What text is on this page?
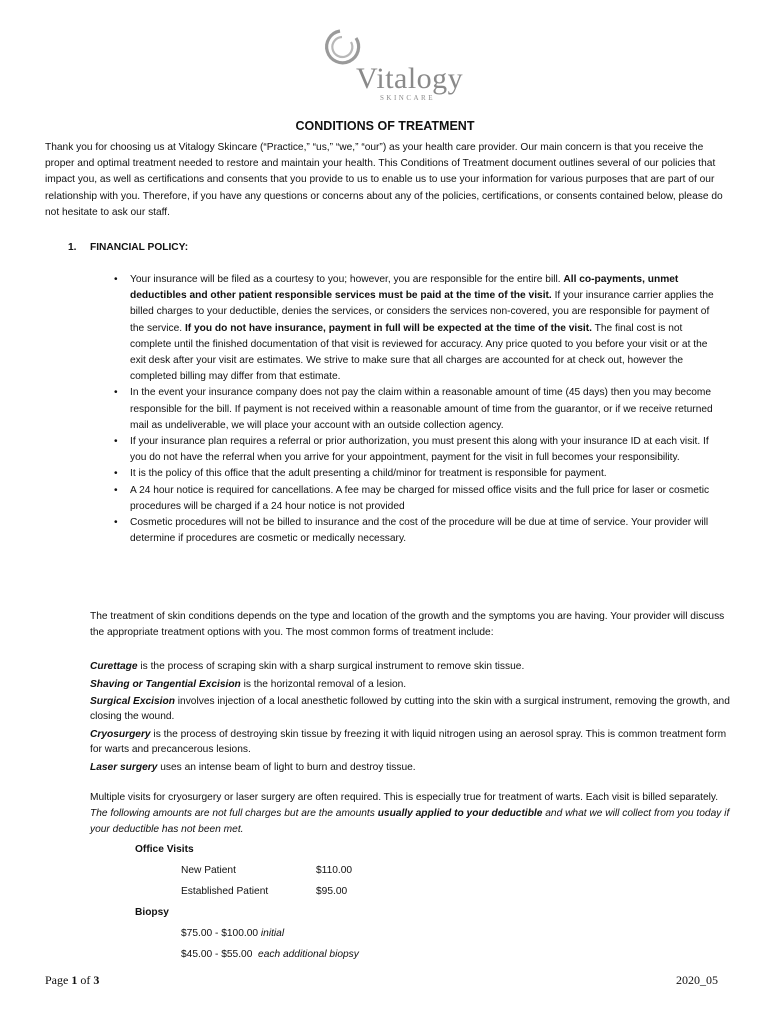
Vitalogy
SKINCARE
CONDITIONS OF TREATMENT
Thank you for choosing us at Vitalogy Skincare (“Practice,” “us,” “we,” “our”) as your health care provider. Our main concern is that you receive the proper and optimal treatment needed to restore and maintain your health. This Conditions of Treatment document outlines several of our policies that impact you, as well as certifications and consents that you provide to us to enable us to use your information for various purposes that are part of our relationship with you. Therefore, if you have any questions or concerns about any of the policies, certifications, or consents contained below, please do not hesitate to ask our staff.
1. FINANCIAL POLICY:
• Your insurance will be filed as a courtesy to you; however, you are responsible for the entire bill. All co-payments, unmet deductibles and other patient responsible services must be paid at the time of the visit. If your insurance carrier applies the billed charges to your deductible, denies the services, or considers the services non-covered, you are responsible for payment of the service. If you do not have insurance, payment in full will be expected at the time of the visit. The final cost is not complete until the finished documentation of that visit is reviewed for accuracy. Any price quoted to you before your visit or at the exit desk after your visit are estimates. We strive to make sure that all charges are accounted for at check out, however the completed billing may differ from that estimate.
• In the event your insurance company does not pay the claim within a reasonable amount of time (45 days) then you may become responsible for the bill. If payment is not received within a reasonable amount of time from the guarantor, or if we receive returned mail as undeliverable, we will place your account with an outside collection agency.
• If your insurance plan requires a referral or prior authorization, you must present this along with your insurance ID at each visit. If you do not have the referral when you arrive for your appointment, payment for the visit in full becomes your responsibility.
• It is the policy of this office that the adult presenting a child/minor for treatment is responsible for payment.
• A 24 hour notice is required for cancellations. A fee may be charged for missed office visits and the full price for laser or cosmetic procedures will be charged if a 24 hour notice is not provided
• Cosmetic procedures will not be billed to insurance and the cost of the procedure will be due at time of service. Your provider will determine if procedures are cosmetic or medically necessary.
The treatment of skin conditions depends on the type and location of the growth and the symptoms you are having. Your provider will discuss the appropriate treatment options with you. The most common forms of treatment include:
Curettage is the process of scraping skin with a sharp surgical instrument to remove skin tissue.
Shaving or Tangential Excision is the horizontal removal of a lesion.
Surgical Excision involves injection of a local anesthetic followed by cutting into the skin with a surgical instrument, removing the growth, and closing the wound.
Cryosurgery is the process of destroying skin tissue by freezing it with liquid nitrogen using an aerosol spray. This is common treatment form for warts and precancerous lesions.
Laser surgery uses an intense beam of light to burn and destroy tissue.
Multiple visits for cryosurgery or laser surgery are often required. This is especially true for treatment of warts. Each visit is billed separately. The following amounts are not full charges but are the amounts usually applied to your deductible and what we will collect from you today if your deductible has not been met.
Office Visits
New Patient	$110.00
Established Patient	$95.00
Biopsy
$75.00 - $100.00 initial
$45.00 - $55.00 each additional biopsy
Page 1 of 3	2020_05
